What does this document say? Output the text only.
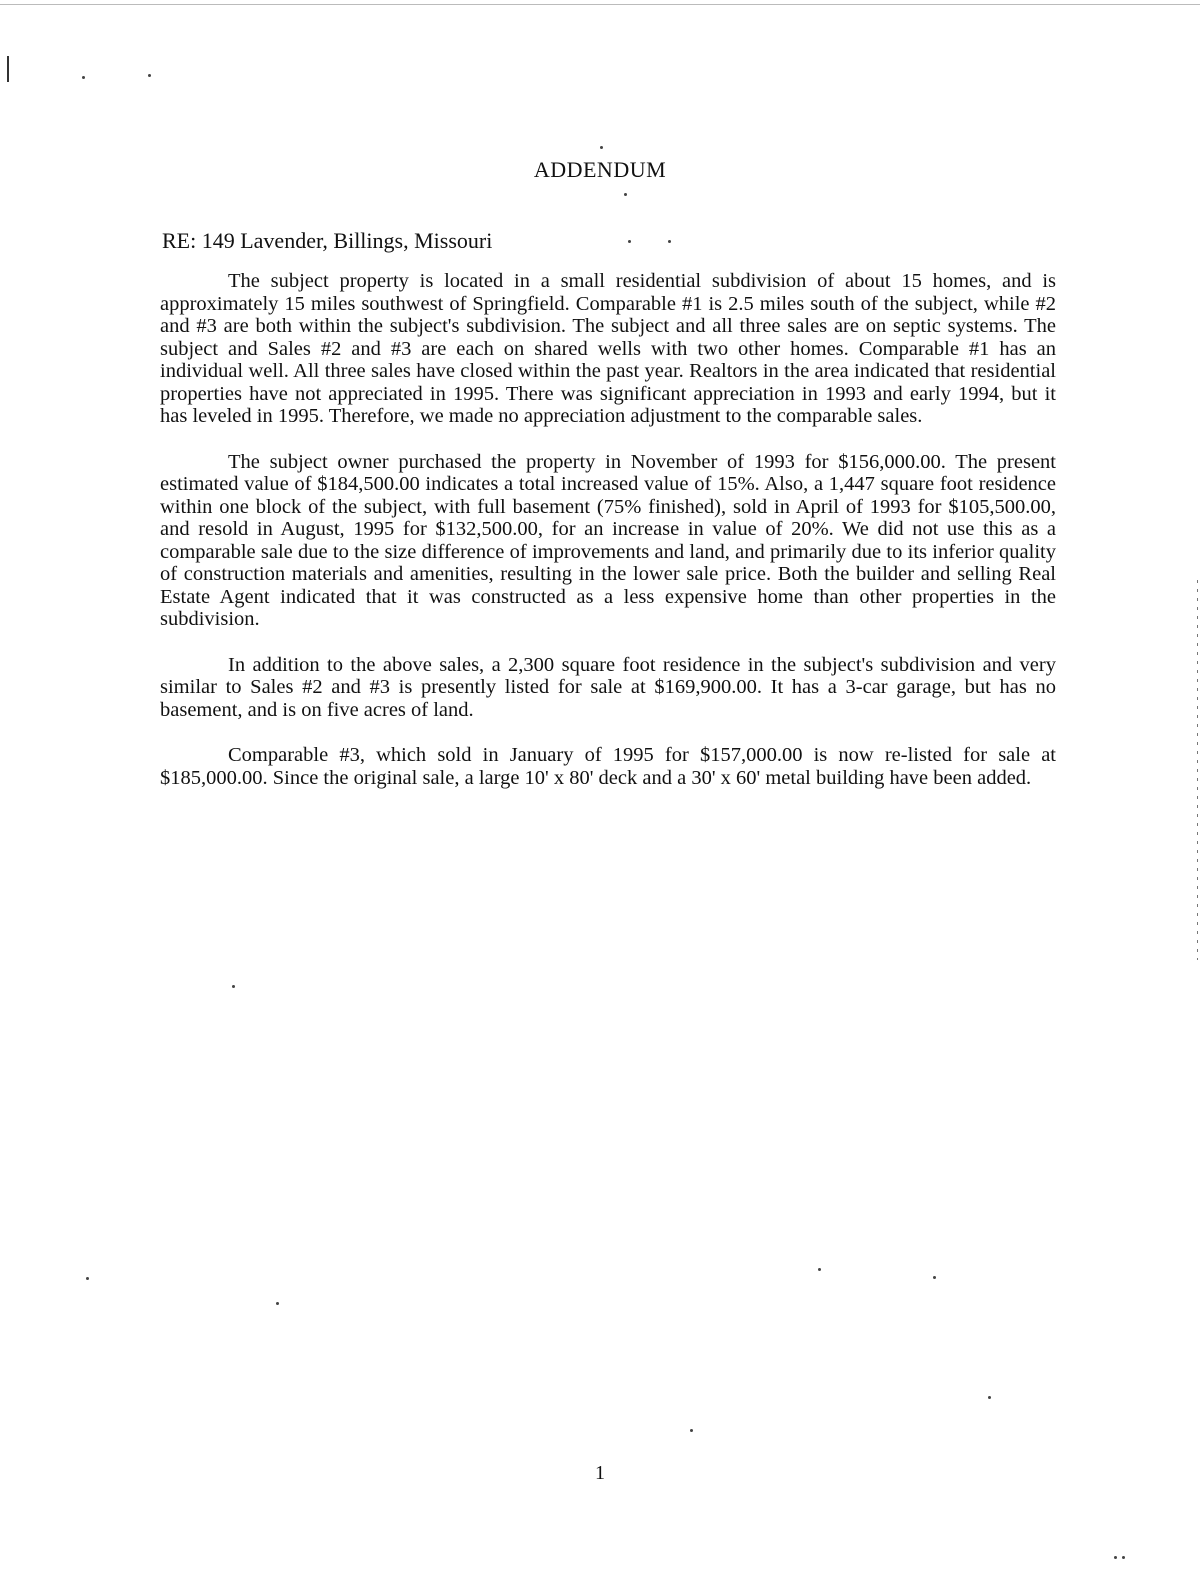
ADDENDUM
RE: 149 Lavender, Billings, Missouri

The subject property is located in a small residential subdivision of about 15 homes, and is approximately 15 miles southwest of Springfield. Comparable #1 is 2.5 miles south of the subject, while #2 and #3 are both within the subject's subdivision. The subject and all three sales are on septic systems. The subject and Sales #2 and #3 are each on shared wells with two other homes. Comparable #1 has an individual well. All three sales have closed within the past year. Realtors in the area indicated that residential properties have not appreciated in 1995. There was significant appreciation in 1993 and early 1994, but it has leveled in 1995. Therefore, we made no appreciation adjustment to the comparable sales.

The subject owner purchased the property in November of 1993 for $156,000.00. The present estimated value of $184,500.00 indicates a total increased value of 15%. Also, a 1,447 square foot residence within one block of the subject, with full basement (75% finished), sold in April of 1993 for $105,500.00, and resold in August, 1995 for $132,500.00, for an increase in value of 20%. We did not use this as a comparable sale due to the size difference of improvements and land, and primarily due to its inferior quality of construction materials and amenities, resulting in the lower sale price. Both the builder and selling Real Estate Agent indicated that it was constructed as a less expensive home than other properties in the subdivision.

In addition to the above sales, a 2,300 square foot residence in the subject's subdivision and very similar to Sales #2 and #3 is presently listed for sale at $169,900.00. It has a 3-car garage, but has no basement, and is on five acres of land.

Comparable #3, which sold in January of 1995 for $157,000.00 is now re-listed for sale at $185,000.00. Since the original sale, a large 10' x 80' deck and a 30' x 60' metal building have been added.

1
